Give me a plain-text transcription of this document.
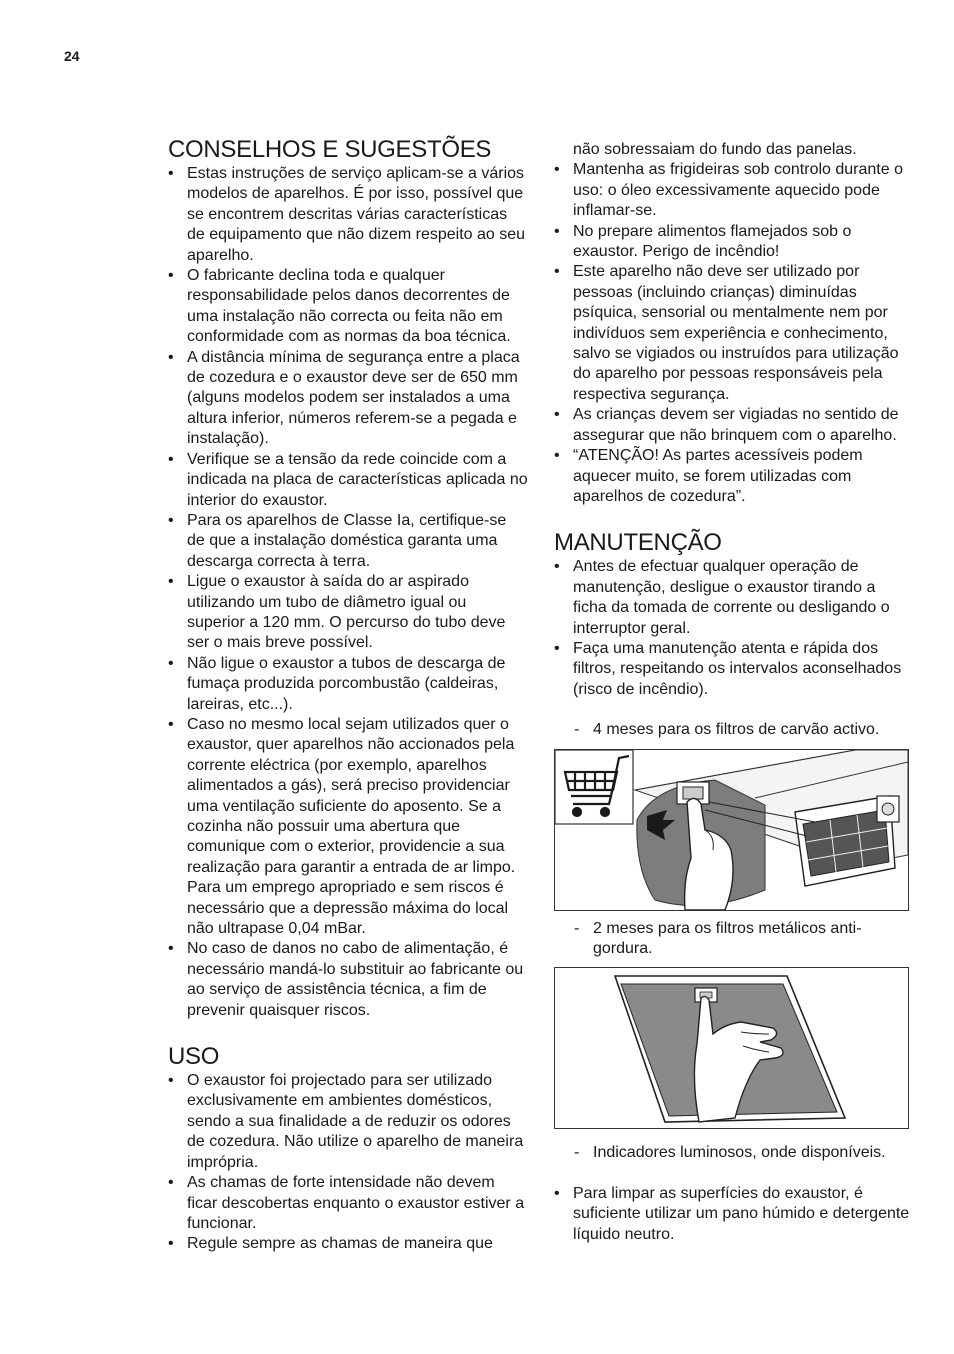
24
CONSELHOS E SUGESTÕES
• Estas instruções de serviço aplicam-se a vários modelos de aparelhos. É por isso, possível que se encontrem descritas várias características de equipamento que não dizem respeito ao seu aparelho.
• O fabricante declina toda e qualquer responsabilidade pelos danos decorrentes de uma instalação não correcta ou feita não em conformidade com as normas da boa técnica.
• A distância mínima de segurança entre a placa de cozedura e o exaustor deve ser de 650 mm (alguns modelos podem ser instalados a uma altura inferior, números referem-se a pegada e instalação).
• Verifique se a tensão da rede coincide com a indicada na placa de características aplicada no interior do exaustor.
• Para os aparelhos de Classe Ia, certifique-se de que a instalação doméstica garanta uma descarga correcta à terra.
• Ligue o exaustor à saída do ar aspirado utilizando um tubo de diâmetro igual ou superior a 120 mm. O percurso do tubo deve ser o mais breve possível.
• Não ligue o exaustor a tubos de descarga de fumaça produzida porcombustão (caldeiras, lareiras, etc...).
• Caso no mesmo local sejam utilizados quer o exaustor, quer aparelhos não accionados pela corrente eléctrica (por exemplo, aparelhos alimentados a gás), será preciso providenciar uma ventilação suficiente do aposento. Se a cozinha não possuir uma abertura que comunique com o exterior, providencie a sua realização para garantir a entrada de ar limpo. Para um emprego apropriado e sem riscos é necessário que a depressão máxima do local não ultrapase 0,04 mBar.
• No caso de danos no cabo de alimentação, é necessário mandá-lo substituir ao fabricante ou ao serviço de assistência técnica, a fim de prevenir quaisquer riscos.
USO
• O exaustor foi projectado para ser utilizado exclusivamente em ambientes domésticos, sendo a sua finalidade a de reduzir os odores de cozedura. Não utilize o aparelho de maneira imprópria.
• As chamas de forte intensidade não devem ficar descobertas enquanto o exaustor estiver a funcionar.
• Regule sempre as chamas de maneira que
não sobressaiam do fundo das panelas.
• Mantenha as frigideiras sob controlo durante o uso: o óleo excessivamente aquecido pode inflamar-se.
• No prepare alimentos flamejados sob o exaustor. Perigo de incêndio!
• Este aparelho não deve ser utilizado por pessoas (incluindo crianças) diminuídas psíquica, sensorial ou mentalmente nem por indivíduos sem experiência e conhecimento, salvo se vigiados ou instruídos para utilização do aparelho por pessoas responsáveis pela respectiva segurança.
• As crianças devem ser vigiadas no sentido de assegurar que não brinquem com o aparelho.
• “ATENÇÃO! As partes acessíveis podem aquecer muito, se forem utilizadas com aparelhos de cozedura”.
MANUTENÇÃO
• Antes de efectuar qualquer operação de manutenção, desligue o exaustor tirando a ficha da tomada de corrente ou desligando o interruptor geral.
• Faça uma manutenção atenta e rápida dos filtros, respeitando os intervalos aconselhados (risco de incêndio).
- 4 meses para os filtros de carvão activo.
- 2 meses para os filtros metálicos anti-gordura.
- Indicadores luminosos, onde disponíveis.
• Para limpar as superfícies do exaustor, é suficiente utilizar um pano húmido e detergente líquido neutro.
